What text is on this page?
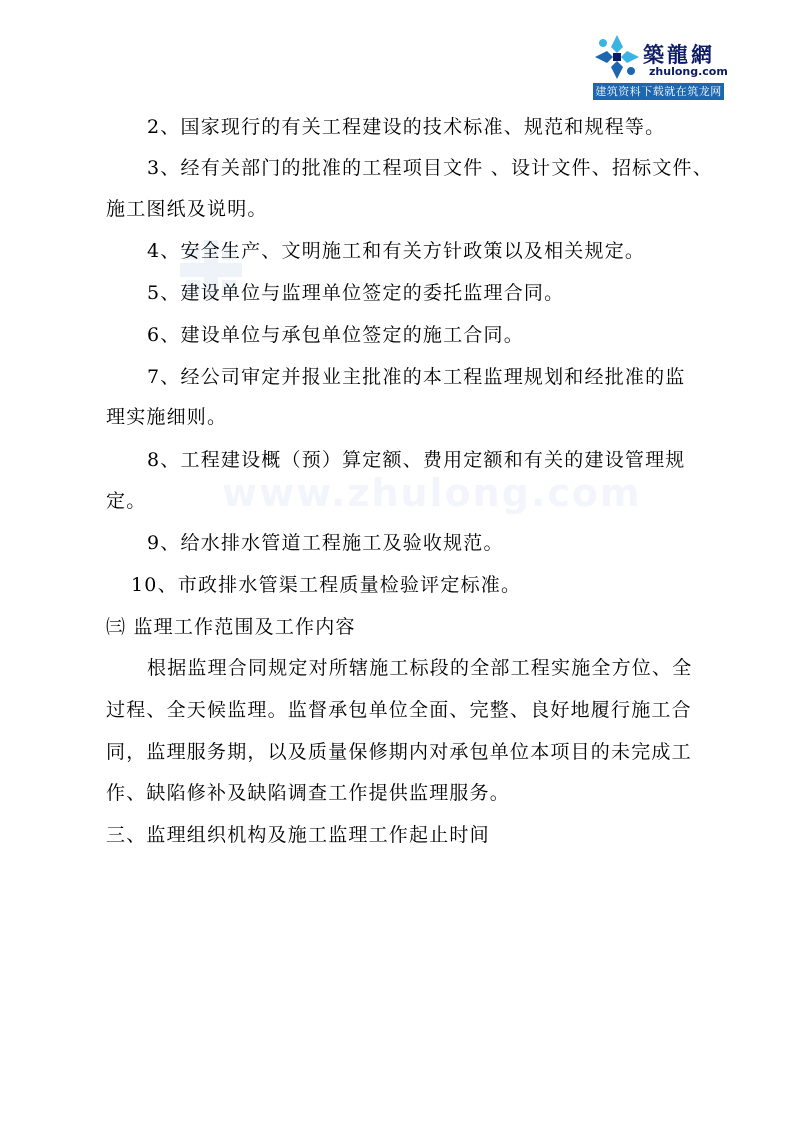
www.zhulong.com
築龍網
zhulong.com
建筑资料下载就在筑龙网
2、国家现行的有关工程建设的技术标准、规范和规程等。
3、经有关部门的批准的工程项目文件 、设计文件、招标文件、
施工图纸及说明。
4、安全生产、文明施工和有关方针政策以及相关规定。
5、建设单位与监理单位签定的委托监理合同。
6、建设单位与承包单位签定的施工合同。
7、经公司审定并报业主批准的本工程监理规划和经批准的监
理实施细则。
8、工程建设概（预）算定额、费用定额和有关的建设管理规
定。
9、给水排水管道工程施工及验收规范。
10、市政排水管渠工程质量检验评定标准。
㈢ 监理工作范围及工作内容
根据监理合同规定对所辖施工标段的全部工程实施全方位、全
过程、全天候监理。监督承包单位全面、完整、良好地履行施工合
同，监理服务期，以及质量保修期内对承包单位本项目的未完成工
作、缺陷修补及缺陷调查工作提供监理服务。
三、监理组织机构及施工监理工作起止时间
